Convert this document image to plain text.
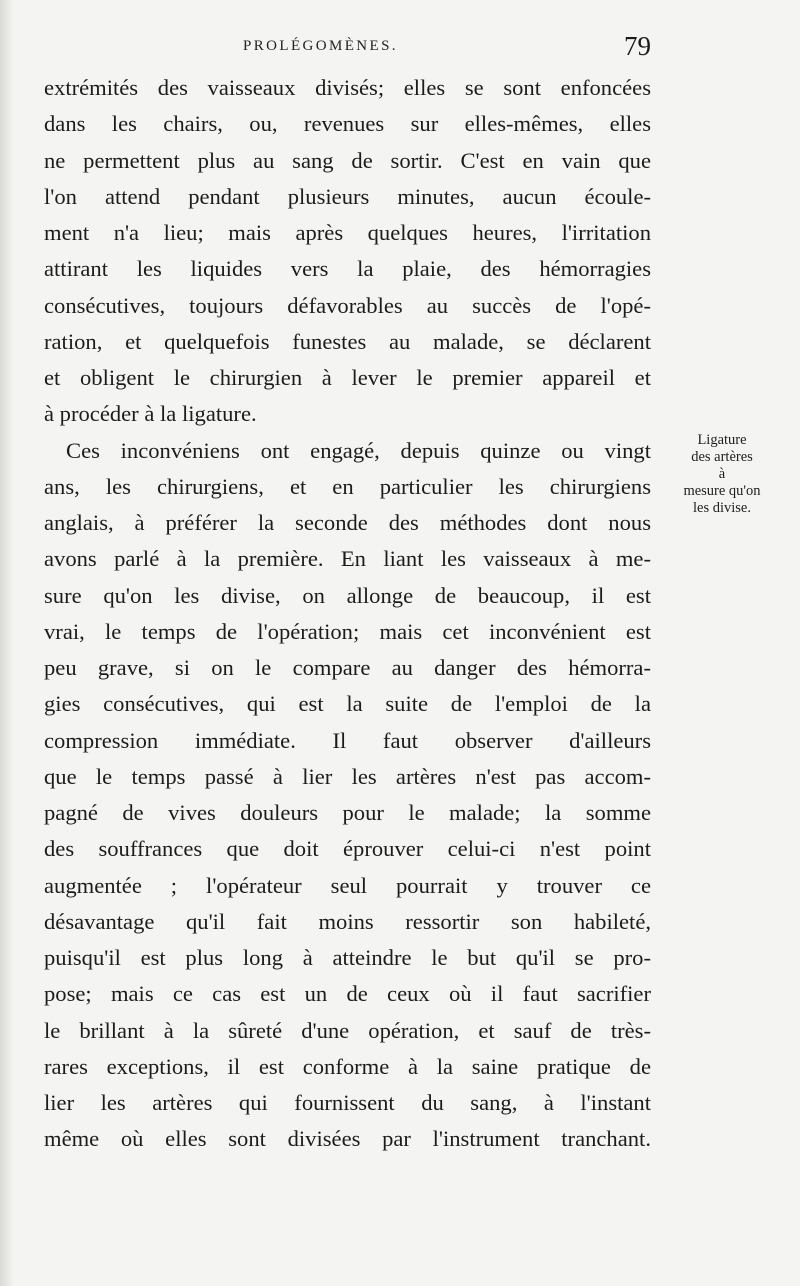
PROLÉGOMÈNES.	79
extrémités des vaisseaux divisés; elles se sont enfoncées
dans les chairs, ou, revenues sur elles-mêmes, elles
ne permettent plus au sang de sortir. C'est en vain que
l'on attend pendant plusieurs minutes, aucun écoule-
ment n'a lieu; mais après quelques heures, l'irritation
attirant les liquides vers la plaie, des hémorragies
consécutives, toujours défavorables au succès de l'opé-
ration, et quelquefois funestes au malade, se déclarent
et obligent le chirurgien à lever le premier appareil et
à procéder à la ligature.
Ces inconvéniens ont engagé, depuis quinze ou vingt
ans, les chirurgiens, et en particulier les chirurgiens
anglais, à préférer la seconde des méthodes dont nous
avons parlé à la première. En liant les vaisseaux à me-
sure qu'on les divise, on allonge de beaucoup, il est
vrai, le temps de l'opération; mais cet inconvénient est
peu grave, si on le compare au danger des hémorra-
gies consécutives, qui est la suite de l'emploi de la
compression immédiate. Il faut observer d'ailleurs
que le temps passé à lier les artères n'est pas accom-
pagné de vives douleurs pour le malade; la somme
des souffrances que doit éprouver celui-ci n'est point
augmentée ; l'opérateur seul pourrait y trouver ce
désavantage qu'il fait moins ressortir son habileté,
puisqu'il est plus long à atteindre le but qu'il se pro-
pose; mais ce cas est un de ceux où il faut sacrifier
le brillant à la sûreté d'une opération, et sauf de très-
rares exceptions, il est conforme à la saine pratique de
lier les artères qui fournissent du sang, à l'instant
même où elles sont divisées par l'instrument tranchant.
Ligature
des artères
à
mesure qu'on
les divise.
